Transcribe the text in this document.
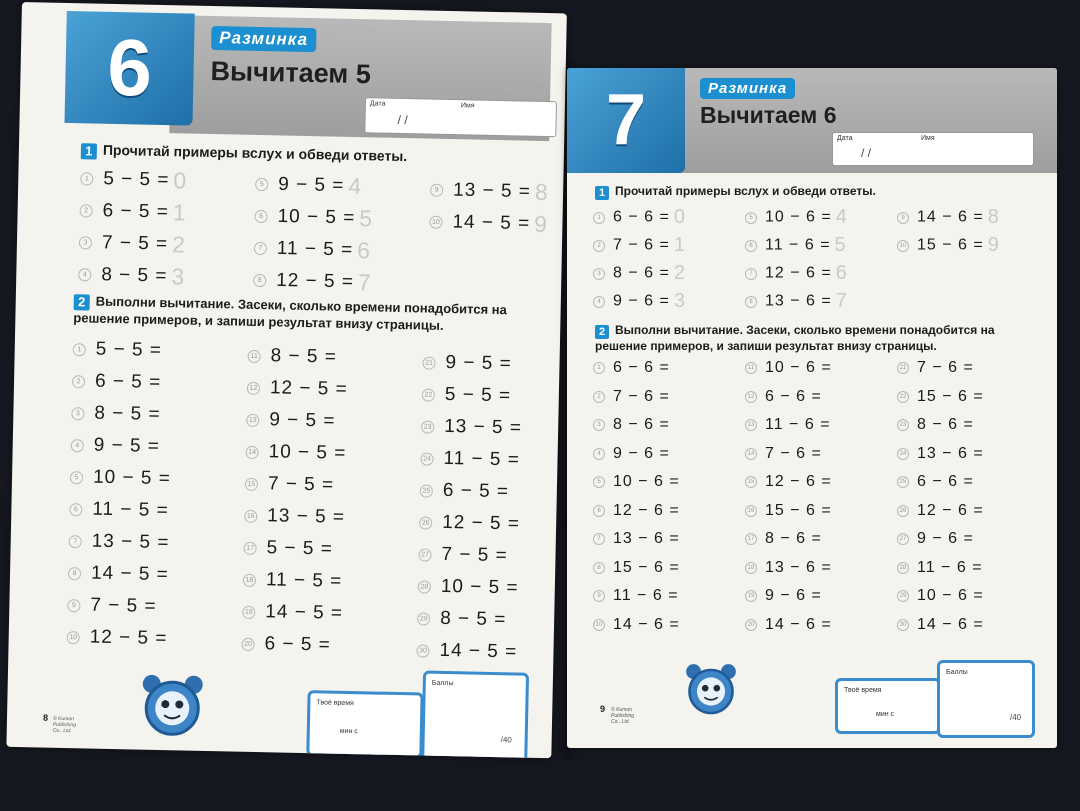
6	Разминка
Вычитаем 5
Дата	Имя
/ /
1 Прочитай примеры вслух и обведи ответы.
1 5 − 5 = 0
2 6 − 5 = 1
3 7 − 5 = 2
4 8 − 5 = 3
5 9 − 5 = 4
6 10 − 5 = 5
7 11 − 5 = 6
8 12 − 5 = 7
9 13 − 5 = 8
10 14 − 5 = 9
2 Выполни вычитание. Засеки, сколько времени понадобится на решение примеров, и запиши результат внизу страницы.
1 5 − 5 =
2 6 − 5 =
3 8 − 5 =
4 9 − 5 =
5 10 − 5 =
6 11 − 5 =
7 13 − 5 =
8 14 − 5 =
9 7 − 5 =
10 12 − 5 =
11 8 − 5 =
12 12 − 5 =
13 9 − 5 =
14 10 − 5 =
15 7 − 5 =
16 13 − 5 =
17 5 − 5 =
18 11 − 5 =
19 14 − 5 =
20 6 − 5 =
21 9 − 5 =
22 5 − 5 =
23 13 − 5 =
24 11 − 5 =
25 6 − 5 =
26 12 − 5 =
27 7 − 5 =
28 10 − 5 =
29 8 − 5 =
30 14 − 5 =
Твоё время
мин с
Баллы
/40
8 © Kumon Publishing Co., Ltd.
7	Разминка
Вычитаем 6
Дата	Имя
/ /
1 Прочитай примеры вслух и обведи ответы.
1 6 − 6 = 0
2 7 − 6 = 1
3 8 − 6 = 2
4 9 − 6 = 3
5 10 − 6 = 4
6 11 − 6 = 5
7 12 − 6 = 6
8 13 − 6 = 7
9 14 − 6 = 8
10 15 − 6 = 9
2 Выполни вычитание. Засеки, сколько времени понадобится на решение примеров, и запиши результат внизу страницы.
1 6 − 6 =
2 7 − 6 =
3 8 − 6 =
4 9 − 6 =
5 10 − 6 =
6 12 − 6 =
7 13 − 6 =
8 15 − 6 =
9 11 − 6 =
10 14 − 6 =
11 10 − 6 =
12 6 − 6 =
13 11 − 6 =
14 7 − 6 =
15 12 − 6 =
16 15 − 6 =
17 8 − 6 =
18 13 − 6 =
19 9 − 6 =
20 14 − 6 =
21 7 − 6 =
22 15 − 6 =
23 8 − 6 =
24 13 − 6 =
25 6 − 6 =
26 12 − 6 =
27 9 − 6 =
28 11 − 6 =
29 10 − 6 =
30 14 − 6 =
Твоё время
мин с
Баллы
/40
9 © Kumon Publishing Co., Ltd.
